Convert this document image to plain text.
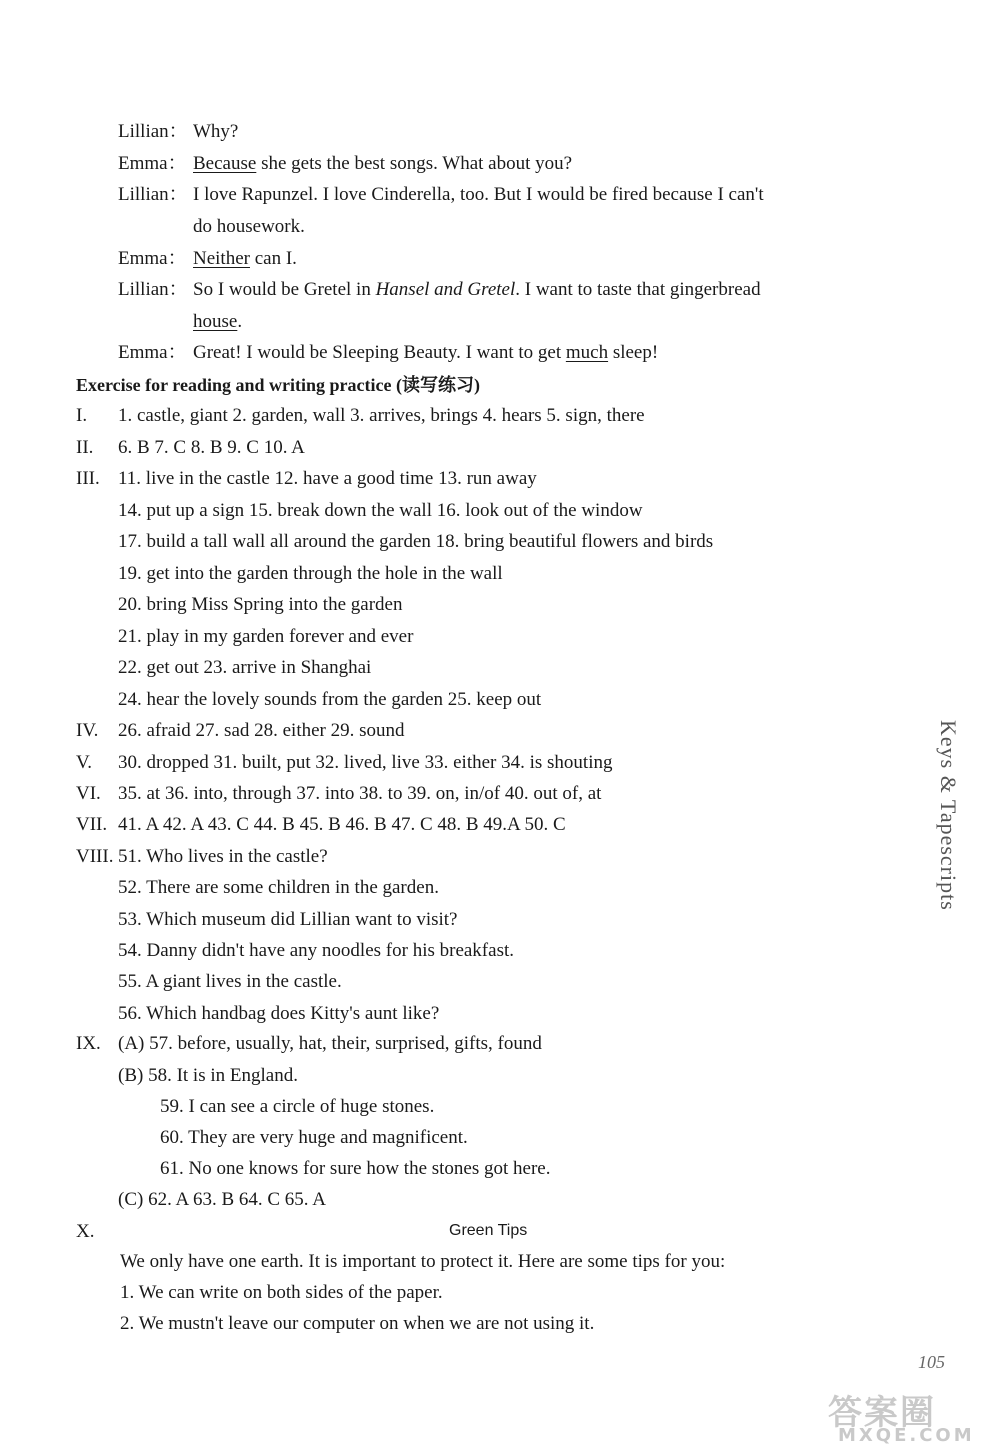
Lillian： Why?
Emma： Because she gets the best songs. What about you?
Lillian： I love Rapunzel. I love Cinderella, too. But I would be fired because I can't
do housework.
Emma： Neither can I.
Lillian： So I would be Gretel in Hansel and Gretel. I want to taste that gingerbread
house.
Emma： Great! I would be Sleeping Beauty. I want to get much sleep!
Exercise for reading and writing practice (读写练习)
I. 1. castle, giant 2. garden, wall 3. arrives, brings 4. hears 5. sign, there
II. 6. B 7. C 8. B 9. C 10. A
III. 11. live in the castle 12. have a good time 13. run away
14. put up a sign 15. break down the wall 16. look out of the window
17. build a tall wall all around the garden 18. bring beautiful flowers and birds
19. get into the garden through the hole in the wall
20. bring Miss Spring into the garden
21. play in my garden forever and ever
22. get out 23. arrive in Shanghai
24. hear the lovely sounds from the garden 25. keep out
IV. 26. afraid 27. sad 28. either 29. sound
V. 30. dropped 31. built, put 32. lived, live 33. either 34. is shouting
VI. 35. at 36. into, through 37. into 38. to 39. on, in/of 40. out of, at
VII. 41. A 42. A 43. C 44. B 45. B 46. B 47. C 48. B 49.A 50. C
VIII. 51. Who lives in the castle?
52. There are some children in the garden.
53. Which museum did Lillian want to visit?
54. Danny didn't have any noodles for his breakfast.
55. A giant lives in the castle.
56. Which handbag does Kitty's aunt like?
IX. (A) 57. before, usually, hat, their, surprised, gifts, found
(B) 58. It is in England.
59. I can see a circle of huge stones.
60. They are very huge and magnificent.
61. No one knows for sure how the stones got here.
(C) 62. A 63. B 64. C 65. A
X.	Green Tips
We only have one earth. It is important to protect it. Here are some tips for you:
1. We can write on both sides of the paper.
2. We mustn't leave our computer on when we are not using it.
Keys & Tapescripts
105
答案圈
MXQE.COM
